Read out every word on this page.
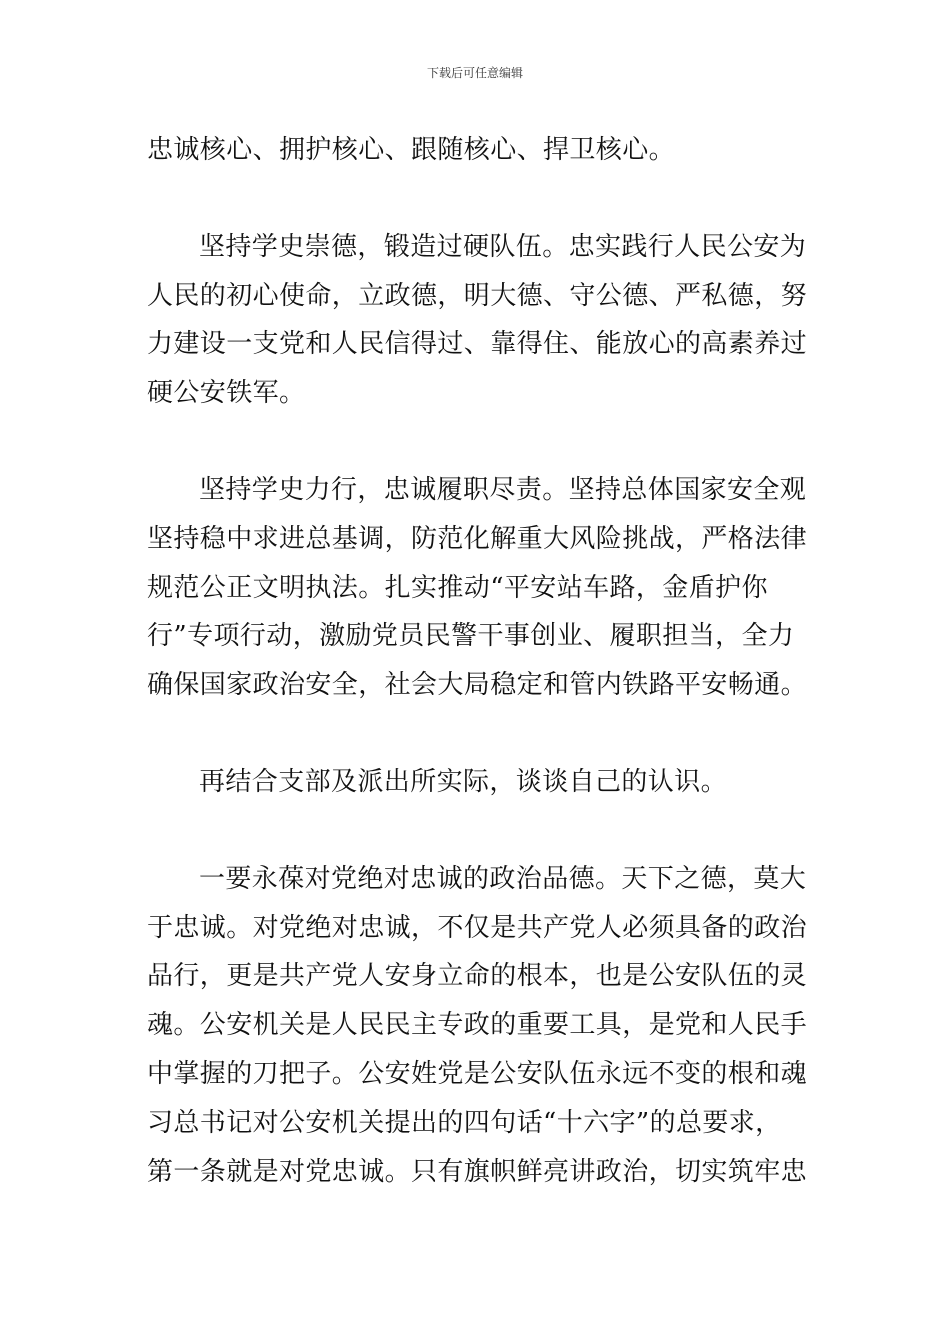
下载后可任意编辑

忠诚核心、拥护核心、跟随核心、捍卫核心。

坚持学史崇德，锻造过硬队伍。忠实践行人民公安为
人民的初心使命，立政德，明大德、守公德、严私德，努
力建设一支党和人民信得过、靠得住、能放心的高素养过
硬公安铁军。

坚持学史力行，忠诚履职尽责。坚持总体国家安全观
坚持稳中求进总基调，防范化解重大风险挑战，严格法律
规范公正文明执法。扎实推动“平安站车路，金盾护你
行”专项行动，激励党员民警干事创业、履职担当，全力
确保国家政治安全，社会大局稳定和管内铁路平安畅通。

再结合支部及派出所实际，谈谈自己的认识。

一要永葆对党绝对忠诚的政治品德。天下之德，莫大
于忠诚。对党绝对忠诚，不仅是共产党人必须具备的政治
品行，更是共产党人安身立命的根本，也是公安队伍的灵
魂。公安机关是人民民主专政的重要工具，是党和人民手
中掌握的刀把子。公安姓党是公安队伍永远不变的根和魂
习总书记对公安机关提出的四句话“十六字”的总要求，
第一条就是对党忠诚。只有旗帜鲜亮讲政治，切实筑牢忠
